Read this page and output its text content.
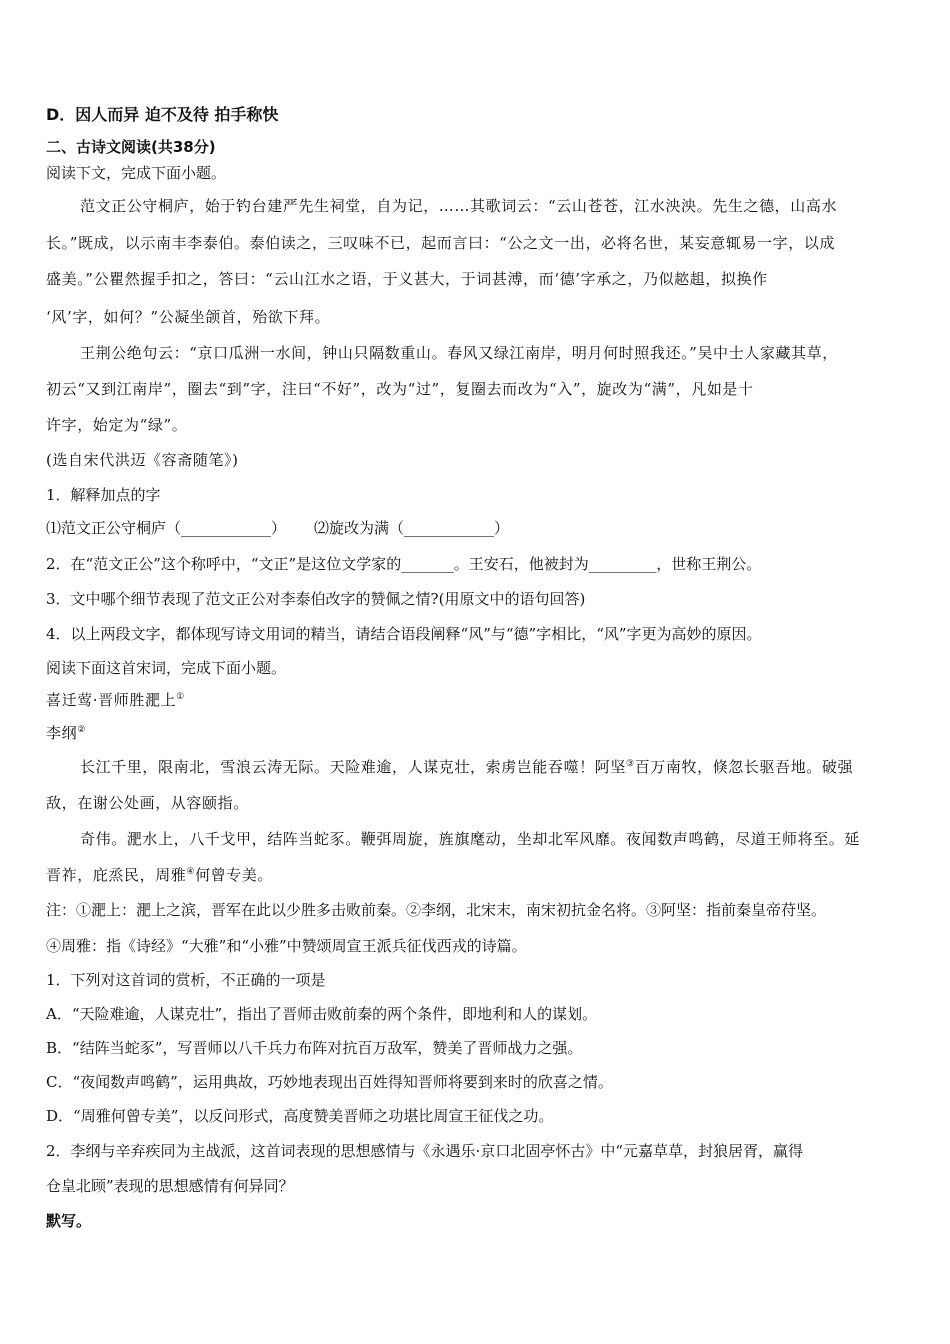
D．因人而异 迫不及待 拍手称快
二、古诗文阅读(共38分)
阅读下文，完成下面小题。
范文正公守桐庐，始于钓台建严先生祠堂，自为记，……其歌词云：“云山苍苍，江水泱泱。先生之德，山高水
长。”既成，以示南丰李泰伯。泰伯读之，三叹味不已，起而言曰：“公之文一出，必将名世，某妄意辄易一字，以成
盛美。”公瞿然握手扣之，答曰：“云山江水之语，于义甚大，于词甚溥，而‘德’字承之，乃似趑趄，拟换作
‘风’字，如何？”公凝坐颌首，殆欲下拜。
王荆公绝句云：“京口瓜洲一水间，钟山只隔数重山。春风又绿江南岸，明月何时照我还。”吴中士人家藏其草，
初云“又到江南岸”，圈去“到”字，注曰“不好”，改为“过”，复圈去而改为“入”，旋改为“满”，凡如是十
许字，始定为“绿”。
(选自宋代洪迈《容斋随笔》)
1．解释加点的字
⑴范文正公守桐庐（____________） ⑵旋改为满（____________）
2．在“范文正公”这个称呼中，“文正”是这位文学家的_______。王安石，他被封为_________，世称王荆公。
3．文中哪个细节表现了范文正公对李泰伯改字的赞佩之情?(用原文中的语句回答)
4．以上两段文字，都体现写诗文用词的精当，请结合语段阐释“风”与“德”字相比，“风”字更为高妙的原因。
阅读下面这首宋词，完成下面小题。
喜迁莺·晋师胜淝上①
李纲②
长江千里，限南北，雪浪云涛无际。天险难逾，人谋克壮，索虏岂能吞噬！阿坚③百万南牧，倏忽长驱吾地。破强
敌，在谢公处画，从容颐指。
奇伟。淝水上，八千戈甲，结阵当蛇豕。鞭弭周旋，旌旗麾动，坐却北军风靡。夜闻数声鸣鹤，尽道王师将至。延
晋祚，庇烝民，周雅④何曾专美。
注：①淝上：淝上之滨，晋军在此以少胜多击败前秦。②李纲，北宋末，南宋初抗金名将。③阿坚：指前秦皇帝苻坚。
④周雅：指《诗经》“大雅”和“小雅”中赞颂周宣王派兵征伐西戎的诗篇。
1．下列对这首词的赏析，不正确的一项是
A．“天险难逾，人谋克壮”，指出了晋师击败前秦的两个条件，即地利和人的谋划。
B．“结阵当蛇豕”，写晋师以八千兵力布阵对抗百万敌军，赞美了晋师战力之强。
C．“夜闻数声鸣鹤”，运用典故，巧妙地表现出百姓得知晋师将要到来时的欣喜之情。
D．“周雅何曾专美”，以反问形式，高度赞美晋师之功堪比周宣王征伐之功。
2．李纲与辛弃疾同为主战派，这首词表现的思想感情与《永遇乐·京口北固亭怀古》中“元嘉草草，封狼居胥，赢得
仓皇北顾”表现的思想感情有何异同？
默写。
